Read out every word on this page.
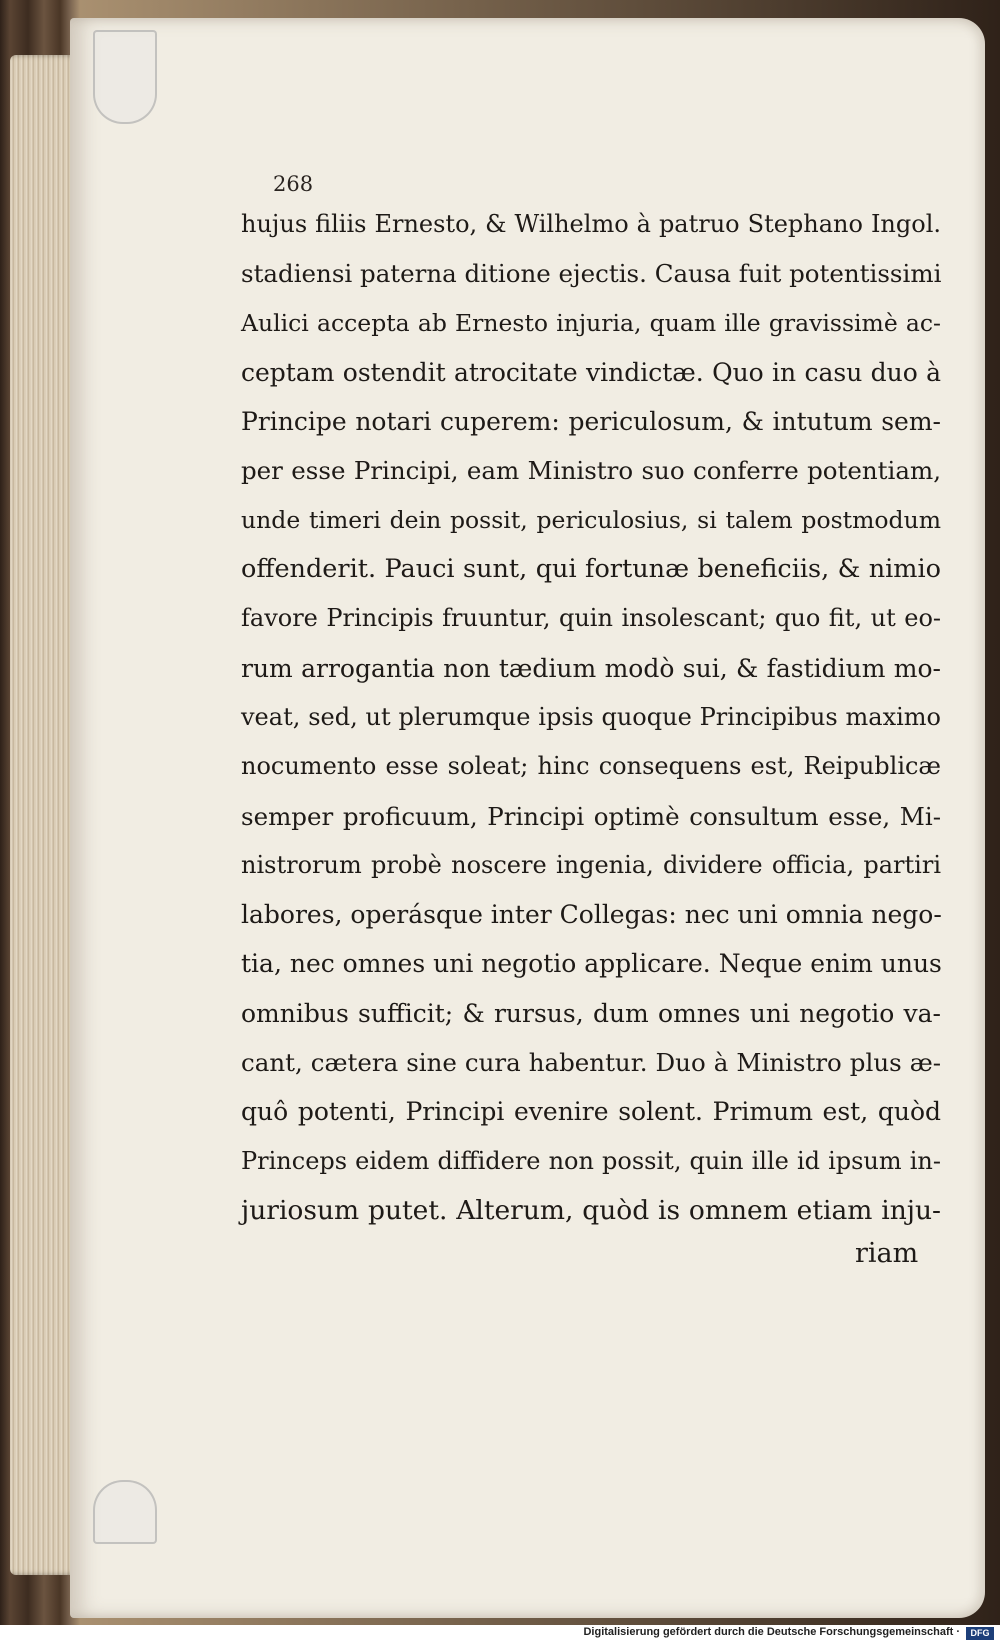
268
hujus filiis Ernesto, & Wilhelmo à patruo Stephano Ingol.
stadiensi paterna ditione ejectis. Causa fuit potentissimi
Aulici accepta ab Ernesto injuria, quam ille gravissimè ac-
ceptam ostendit atrocitate vindictæ. Quo in casu duo à
Principe notari cuperem: periculosum, & intutum sem-
per esse Principi, eam Ministro suo conferre potentiam,
unde timeri dein possit, periculosius, si talem postmodum
offenderit. Pauci sunt, qui fortunæ beneficiis, & nimio
favore Principis fruuntur, quin insolescant; quo fit, ut eo-
rum arrogantia non tædium modò sui, & fastidium mo-
veat, sed, ut plerumque ipsis quoque Principibus maximo
nocumento esse soleat; hinc consequens est, Reipublicæ
semper proficuum, Principi optimè consultum esse, Mi-
nistrorum probè noscere ingenia, dividere officia, partiri
labores, operásque inter Collegas: nec uni omnia nego-
tia, nec omnes uni negotio applicare. Neque enim unus
omnibus sufficit; & rursus, dum omnes uni negotio va-
cant, cætera sine cura habentur. Duo à Ministro plus æ-
quô potenti, Principi evenire solent. Primum est, quòd
Princeps eidem diffidere non possit, quin ille id ipsum in-
juriosum putet. Alterum, quòd is omnem etiam inju-
riam
Digitalisierung gefördert durch die Deutsche Forschungsgemeinschaft ·	DFG
